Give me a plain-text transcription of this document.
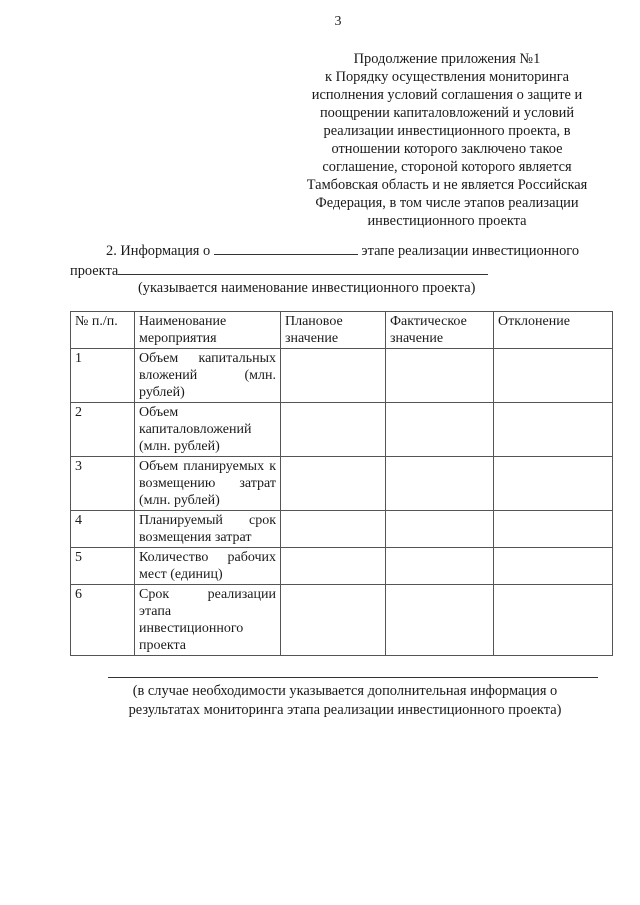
3
Продолжение приложения №1
к Порядку осуществления мониторинга
исполнения условий соглашения о защите и
поощрении капиталовложений и условий
реализации инвестиционного проекта, в
отношении которого заключено такое
соглашение, стороной которого является
Тамбовская область и не является Российская
Федерация, в том числе этапов реализации
инвестиционного проекта
2. Информация о	этапе реализации инвестиционного
проекта
(указывается наименование инвестиционного проекта)
№ п./п.	Наименование мероприятия	Плановое значение	Фактическое значение	Отклонение
1	Объем капитальных вложений (млн. рублей)			
2	Объем капиталовложений (млн. рублей)			
3	Объем планируемых к возмещению затрат (млн. рублей)			
4	Планируемый срок возмещения затрат			
5	Количество рабочих мест (единиц)			
6	Срок реализации этапа инвестиционного проекта			
(в случае необходимости указывается дополнительная информация о
результатах мониторинга этапа реализации инвестиционного проекта)
